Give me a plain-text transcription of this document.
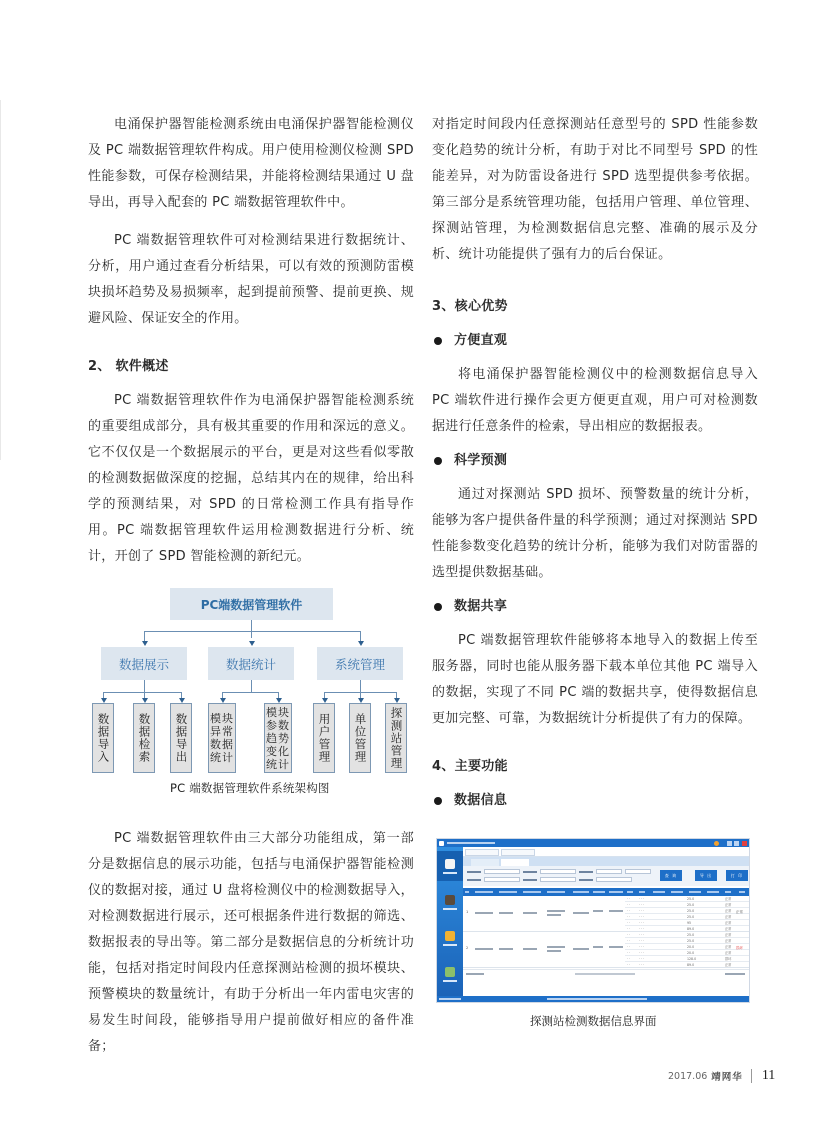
电涌保护器智能检测系统由电涌保护器智能检测仪及 PC 端数据管理软件构成。用户使用检测仪检测 SPD 性能参数，可保存检测结果，并能将检测结果通过 U 盘导出，再导入配套的 PC 端数据管理软件中。

PC 端数据管理软件可对检测结果进行数据统计、分析，用户通过查看分析结果，可以有效的预测防雷模块损坏趋势及易损频率，起到提前预警、提前更换、规避风险、保证安全的作用。

2、 软件概述

PC 端数据管理软件作为电涌保护器智能检测系统的重要组成部分，具有极其重要的作用和深远的意义。它不仅仅是一个数据展示的平台，更是对这些看似零散的检测数据做深度的挖掘，总结其内在的规律，给出科学的预测结果，对 SPD 的日常检测工作具有指导作用。PC 端数据管理软件运用检测数据进行分析、统计，开创了 SPD 智能检测的新纪元。

PC端数据管理软件
数据展示	数据统计	系统管理
数据导入	数据检索	数据导出	模块异常数据统计
模块参数趋势变化统计
用户管理	单位管理	探测站管理
PC 端数据管理软件系统架构图

PC 端数据管理软件由三大部分功能组成，第一部分是数据信息的展示功能，包括与电涌保护器智能检测仪的数据对接，通过 U 盘将检测仪中的检测数据导入，对检测数据进行展示，还可根据条件进行数据的筛选、数据报表的导出等。第二部分是数据信息的分析统计功能，包括对指定时间段内任意探测站检测的损坏模块、预警模块的数量统计，有助于分析出一年内雷电灾害的易发生时间段，能够指导用户提前做好相应的备件准备；

对指定时间段内任意探测站任意型号的 SPD 性能参数变化趋势的统计分析，有助于对比不同型号 SPD 的性能差异，对为防雷设备进行 SPD 选型提供参考依据。第三部分是系统管理功能，包括用户管理、单位管理、探测站管理，为检测数据信息完整、准确的展示及分析、统计功能提供了强有力的后台保证。

3、核心优势

方便直观

将电涌保护器智能检测仪中的检测数据信息导入 PC 端软件进行操作会更方便更直观，用户可对检测数据进行任意条件的检索，导出相应的数据报表。

科学预测

通过对探测站 SPD 损坏、预警数量的统计分析，能够为客户提供备件量的科学预测；通过对探测站 SPD 性能参数变化趋势的统计分析，能够为我们对防雷器的选型提供数据基础。

数据共享

PC 端数据管理软件能够将本地导入的数据上传至服务器，同时也能从服务器下载本单位其他 PC 端导入的数据，实现了不同 PC 端的数据共享，使得数据信息更加完整、可靠，为数据统计分析提供了有力的保障。

4、主要功能

数据信息

查 询	导 出	打 印
1
· ·	· · ·	25.0	正常
· ·	· · ·	25.0	正常
· ·	· · ·	25.0	正常
· ·	· · ·	25.0	正常
· ·	· · ·	95	正常
· ·	· · ·	89.0	正常
正常
2
· ·	· · ·	25.0	正常
· ·	· · ·	25.0	正常
· ·	· · ·	20.0	正常
· ·	· · ·	20.0	正常
· ·	· · ·	128.0	损坏
· ·	· · ·	89.0	正常
损坏
探测站检测数据信息界面
2017.06 靖网华 11
